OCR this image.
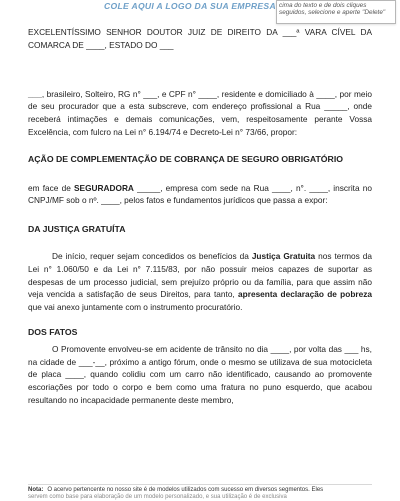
COLE AQUI A LOGO DA SUA EMPRESA cima do texto e de dois cliques seguidos, selecione e aperte "Delete"

EXCELENTÍSSIMO SENHOR DOUTOR JUIZ DE DIREITO DA ___ª VARA CÍVEL DA COMARCA DE ____, ESTADO DO ___

___, brasileiro, Solteiro, RG n° ___, e CPF n° ____, residente e domiciliado à ____, por meio de seu procurador que a esta subscreve, com endereço profissional a Rua _____, onde receberá intimações e demais comunicações, vem, respeitosamente perante Vossa Excelência, com fulcro na Lei n° 6.194/74 e Decreto-Lei n° 73/66, propor:

AÇÃO DE COMPLEMENTAÇÃO DE COBRANÇA DE SEGURO OBRIGATÓRIO

em face de SEGURADORA _____, empresa com sede na Rua ____, n°. ____, inscrita no CNPJ/MF sob o nº. ____, pelos fatos e fundamentos jurídicos que passa a expor:

DA JUSTIÇA GRATUÍTA

De início, requer sejam concedidos os benefícios da Justiça Gratuita nos termos da Lei n° 1.060/50 e da Lei n° 7.115/83, por não possuir meios capazes de suportar as despesas de um processo judicial, sem prejuízo próprio ou da família, para que assim não veja vencida a satisfação de seus Direitos, para tanto, apresenta declaração de pobreza que vai anexo juntamente com o instrumento procuratório.

DOS FATOS

O Promovente envolveu-se em acidente de trânsito no dia ____, por volta das ___ hs, na cidade de ___-__, próximo a antigo fórum, onde o mesmo se utilizava de sua motocicleta de placa ____, quando colidiu com um carro não identificado, causando ao promovente escoriações por todo o corpo e bem como uma fratura no puno esquerdo, que acabou resultando no incapacidade permanente deste membro,

Nota: O acervo pertencente no nosso site é de modelos utilizados com sucesso em diversos segmentos. Eles
servem como base para elaboração de um modelo personalizado, e sua utilização é de exclusiva
